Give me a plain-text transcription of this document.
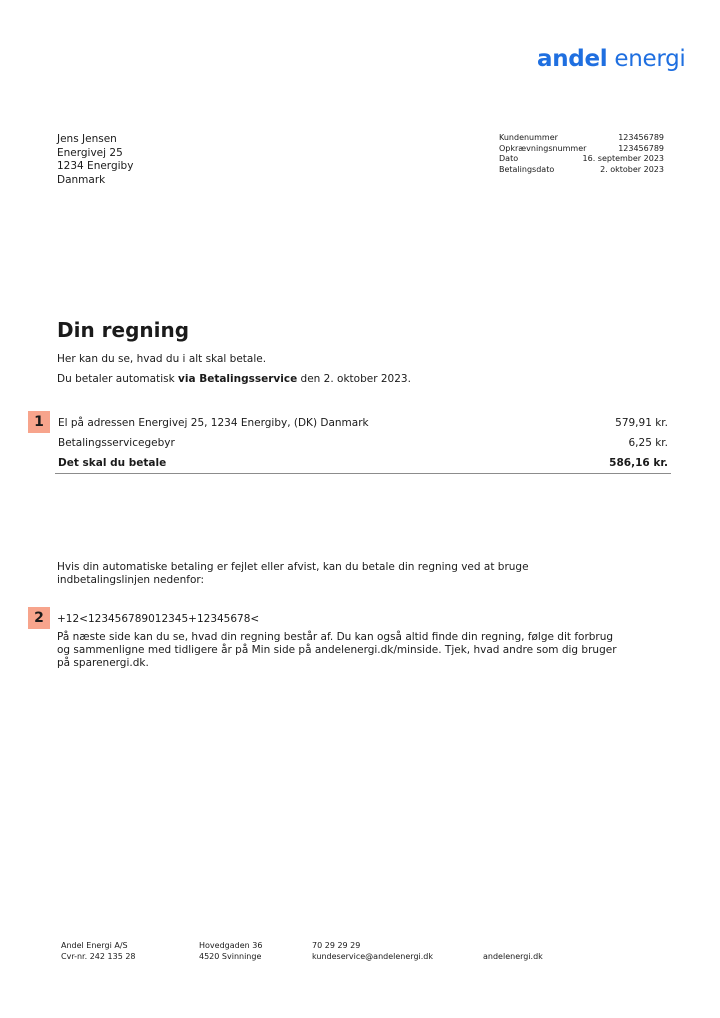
andel energi
Jens Jensen
Energivej 25
1234 Energiby
Danmark
Kundenummer	123456789
Opkrævningsnummer	123456789
Dato	16. september 2023
Betalingsdato	2. oktober 2023
Din regning
Her kan du se, hvad du i alt skal betale.
Du betaler automatisk via Betalingsservice den 2. oktober 2023.
1	El på adressen Energivej 25, 1234 Energiby, (DK) Danmark	579,91 kr.
Betalingsservicegebyr	6,25 kr.
Det skal du betale	586,16 kr.
Hvis din automatiske betaling er fejlet eller afvist, kan du betale din regning ved at bruge indbetalingslinjen nedenfor:
2	+12<123456789012345+12345678<
På næste side kan du se, hvad din regning består af. Du kan også altid finde din regning, følge dit forbrug og sammenligne med tidligere år på Min side på andelenergi.dk/minside. Tjek, hvad andre som dig bruger på sparenergi.dk.
Andel Energi A/S
Cvr-nr. 242 135 28
Hovedgaden 36
4520 Svinninge
70 29 29 29
kundeservice@andelenergi.dk	andelenergi.dk
